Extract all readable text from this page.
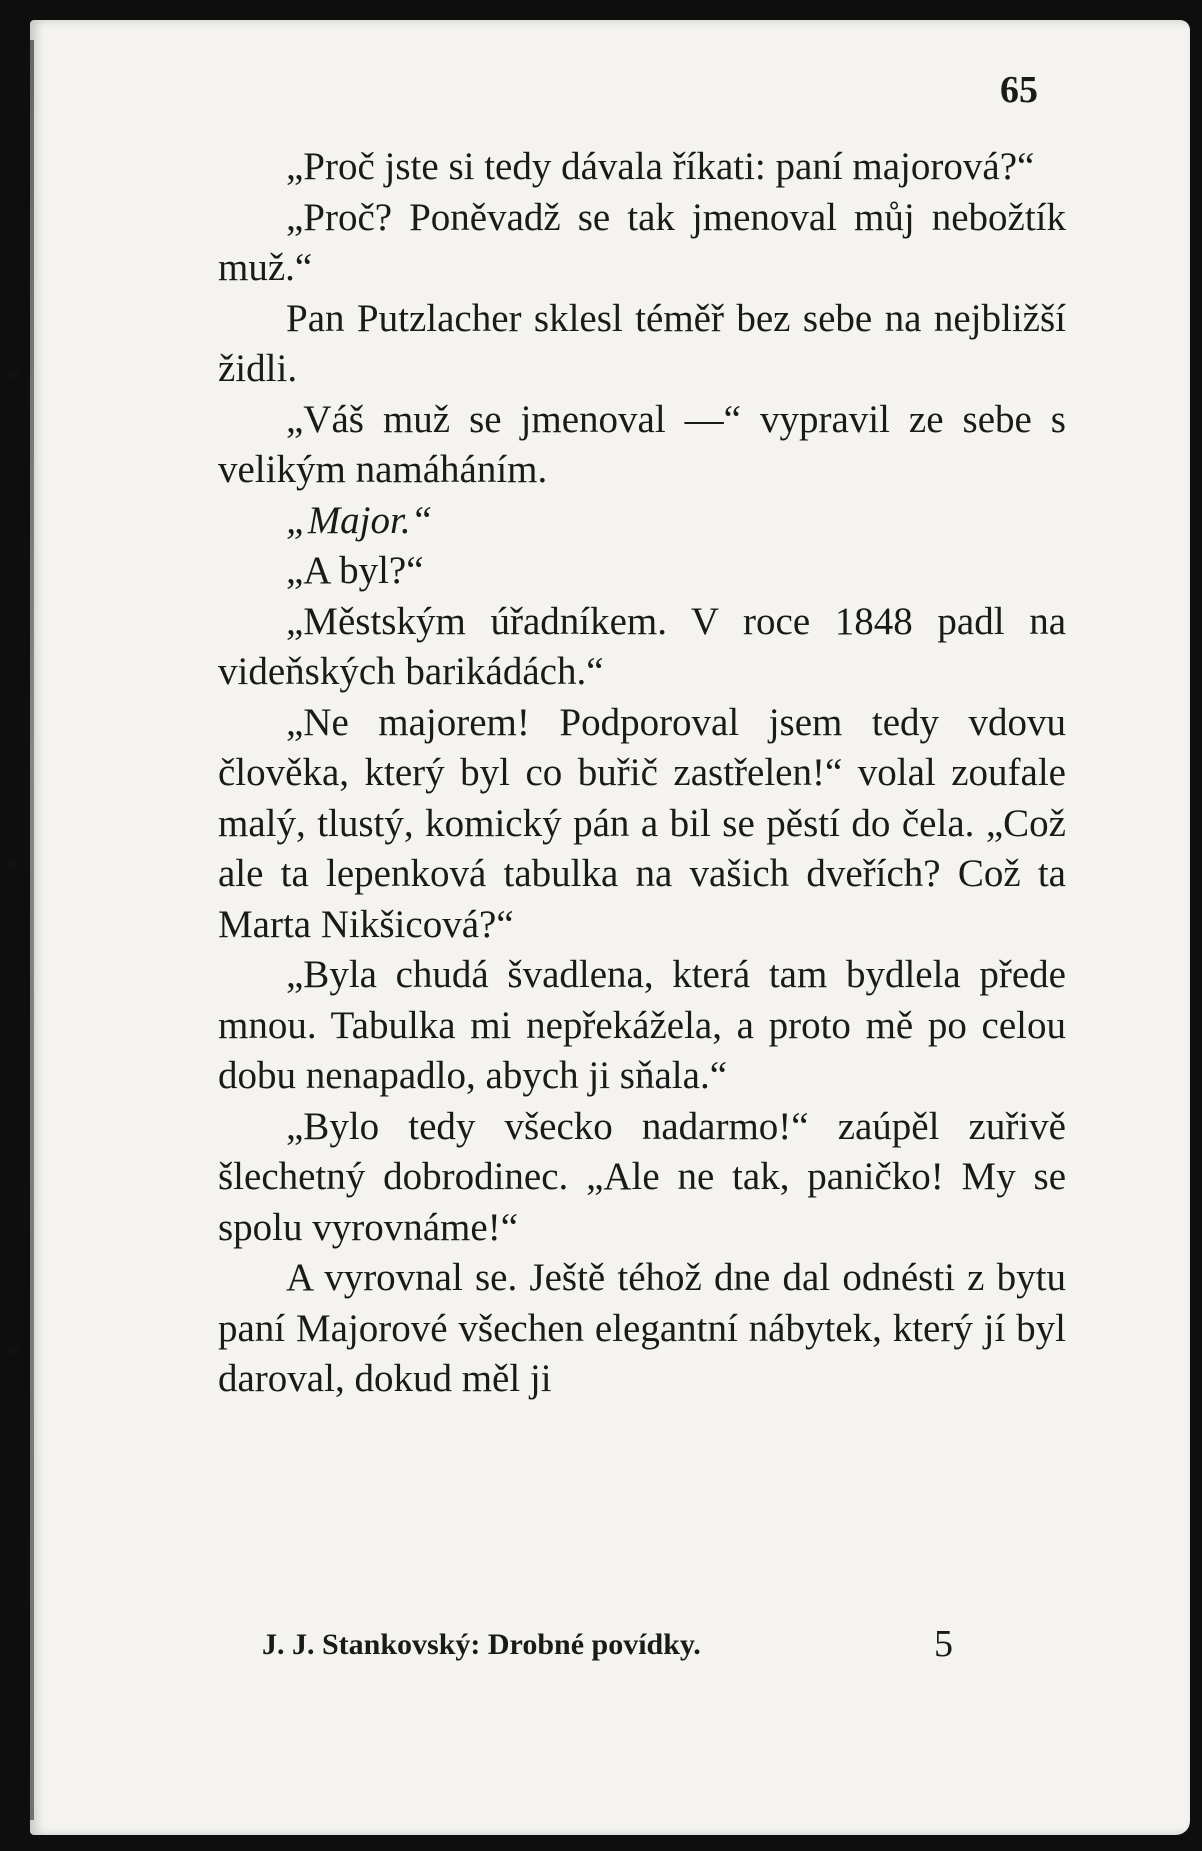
65

„Proč jste si tedy dávala říkati: paní majorová?“

„Proč? Poněvadž se tak jmenoval můj nebožtík muž.“

Pan Putzlacher sklesl téměř bez sebe na nejbližší židli.

„Váš muž se jmenoval —“ vypravil ze sebe s velikým namáháním.

„Major.“

„A byl?“

„Městským úřadníkem. V roce 1848 padl na videňských barikádách.“

„Ne majorem! Podporoval jsem tedy vdovu člověka, který byl co buřič zastřelen!“ volal zoufale malý, tlustý, komický pán a bil se pěstí do čela. „Což ale ta lepenková tabulka na vašich dveřích? Což ta Marta Nikšicová?“

„Byla chudá švadlena, která tam bydlela přede mnou. Tabulka mi nepřekážela, a proto mě po celou dobu nenapadlo, abych ji sňala.“

„Bylo tedy všecko nadarmo!“ zaúpěl zuřivě šlechetný dobrodinec. „Ale ne tak, paničko! My se spolu vyrovnáme!“

A vyrovnal se. Ještě téhož dne dal odnésti z bytu paní Majorové všechen elegantní nábytek, který jí byl daroval, dokud měl ji

J. J. Stankovský: Drobné povídky.	5
